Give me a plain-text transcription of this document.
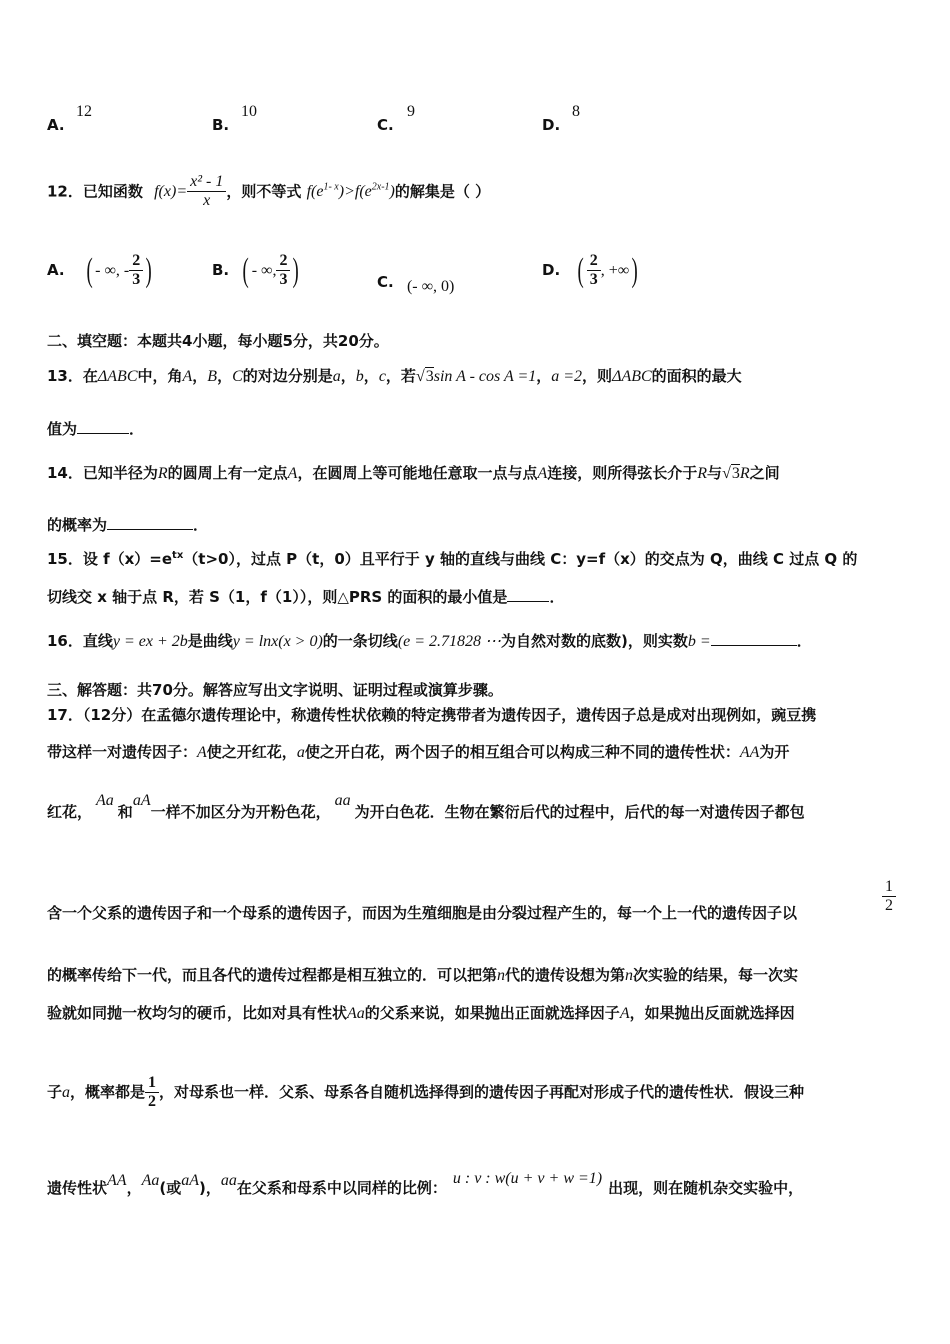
A.
12
B.
10
C.
9
D.
8
12．已知函数 $f(x)= \frac{\text{x² - 1}}{x}$ ，则不等式 $f(e^{1- x})>f(e^{2x-1})$的解集是（ ）
A. ( - ∞, - $\frac{2}{3}$ )	B. ( - ∞, $\frac{2}{3}$ )	C. (- ∞, 0)
D. ( $\frac{2}{3}$ , +∞)
二、填空题：本题共4小题，每小题5分，共20分。
13．在ΔABC中，角A，B，C的对边分别是a，b，c，若√3sin A - cos A =1，a =2，则ΔABC的面积的最大
值为	．
14．已知半径为R的圆周上有一定点A，在圆周上等可能地任意取一点与点A连接，则所得弦长介于R与√3R之间
的概率为	．
15．设 $f(x)=e^{tx}(t>0)$，过点 P（t，0）且平行于 y 轴的直线与曲线 C：y=f（x）的交点为 Q，曲线 C 过点 Q 的
切线交 x 轴于点 R，若 S（1，f（1）），则△PRS 的面积的最小值是	．
16．直线y = ex + 2b是曲线y = lnx(x > 0)的一条切线(e = 2.71828 ⋯为自然对数的底数)，则实数b =	．
三、解答题：共70分。解答应写出文字说明、证明过程或演算步骤。
17．（12分）在孟德尔遗传理论中，称遗传性状依赖的特定携带者为遗传因子，遗传因子总是成对出现例如，豌豆携
带这样一对遗传因子：A使之开红花，a使之开白花，两个因子的相互组合可以构成三种不同的遗传性状：AA为开
红花，Aa和aA一样不加区分为开粉色花，aa为开白色花．生物在繁衍后代的过程中，后代的每一对遗传因子都包
含一个父系的遗传因子和一个母系的遗传因子，而因为生殖细胞是由分裂过程产生的，每一个上一代的遗传因子以	$\frac{1}{2}$
的概率传给下一代，而且各代的遗传过程都是相互独立的．可以把第n代的遗传设想为第n次实验的结果，每一次实
验就如同抛一枚均匀的硬币，比如对具有性状Aa的父系来说，如果抛出正面就选择因子A，如果抛出反面就选择因
子a，概率都是 $\frac{1}{2}$ ，对母系也一样．父系、母系各自随机选择得到的遗传因子再配对形成子代的遗传性状．假设三种
遗传性状AA，Aa(或aA)，aa在父系和母系中以同样的比例：u : v : w(u + v + w =1)出现，则在随机杂交实验中，
